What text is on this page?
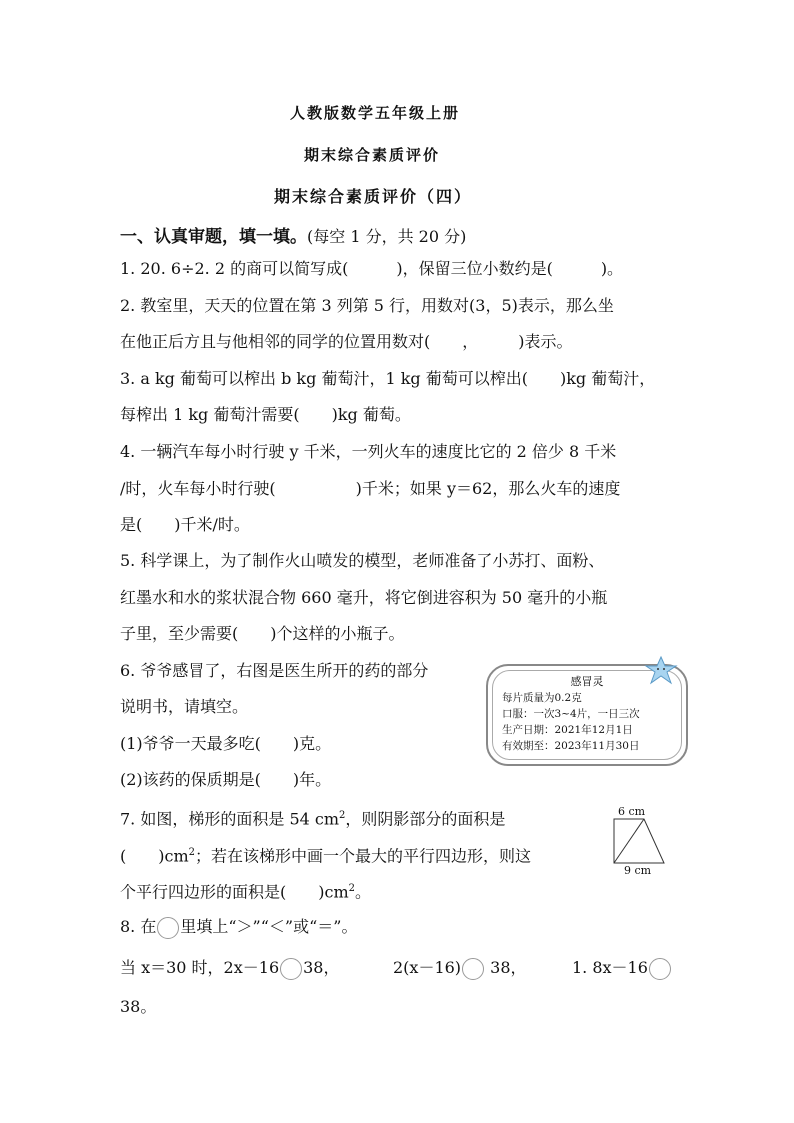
人教版数学五年级上册
期末综合素质评价
期末综合素质评价（四）
一、认真审题，填一填。(每空 1 分，共 20 分)
1. 20. 6÷2. 2 的商可以简写成(　　　)，保留三位小数约是(　　　)。
2. 教室里，天天的位置在第 3 列第 5 行，用数对(3，5)表示，那么坐
在他正后方且与他相邻的同学的位置用数对(　　，　　　)表示。
3. a kg 葡萄可以榨出 b kg 葡萄汁，1 kg 葡萄可以榨出(　　)kg 葡萄汁，
每榨出 1 kg 葡萄汁需要(　　)kg 葡萄。
4. 一辆汽车每小时行驶 y 千米，一列火车的速度比它的 2 倍少 8 千米
/时，火车每小时行驶(　　　　　)千米；如果 y＝62，那么火车的速度
是(　　)千米/时。
5. 科学课上，为了制作火山喷发的模型，老师准备了小苏打、面粉、
红墨水和水的浆状混合物 660 毫升，将它倒进容积为 50 毫升的小瓶
子里，至少需要(　　)个这样的小瓶子。
6. 爷爷感冒了，右图是医生所开的药的部分
说明书，请填空。
(1)爷爷一天最多吃(　　)克。
(2)该药的保质期是(　　)年。
感冒灵
每片质量为0.2克
口服：一次3~4片，一日三次
生产日期：2021年12月1日
有效期至：2023年11月30日
7. 如图，梯形的面积是 54 $cm^2$，则阴影部分的面积是
(　　)$cm^2$；若在该梯形中画一个最大的平行四边形，则这
个平行四边形的面积是(　　)$cm^2$。
6 cm
9 cm
8. 在 里填上“＞”“＜”或“＝”。
当 x＝30 时，2x－16 38，	2(x－16) 38，	1. 8x－16
38。
